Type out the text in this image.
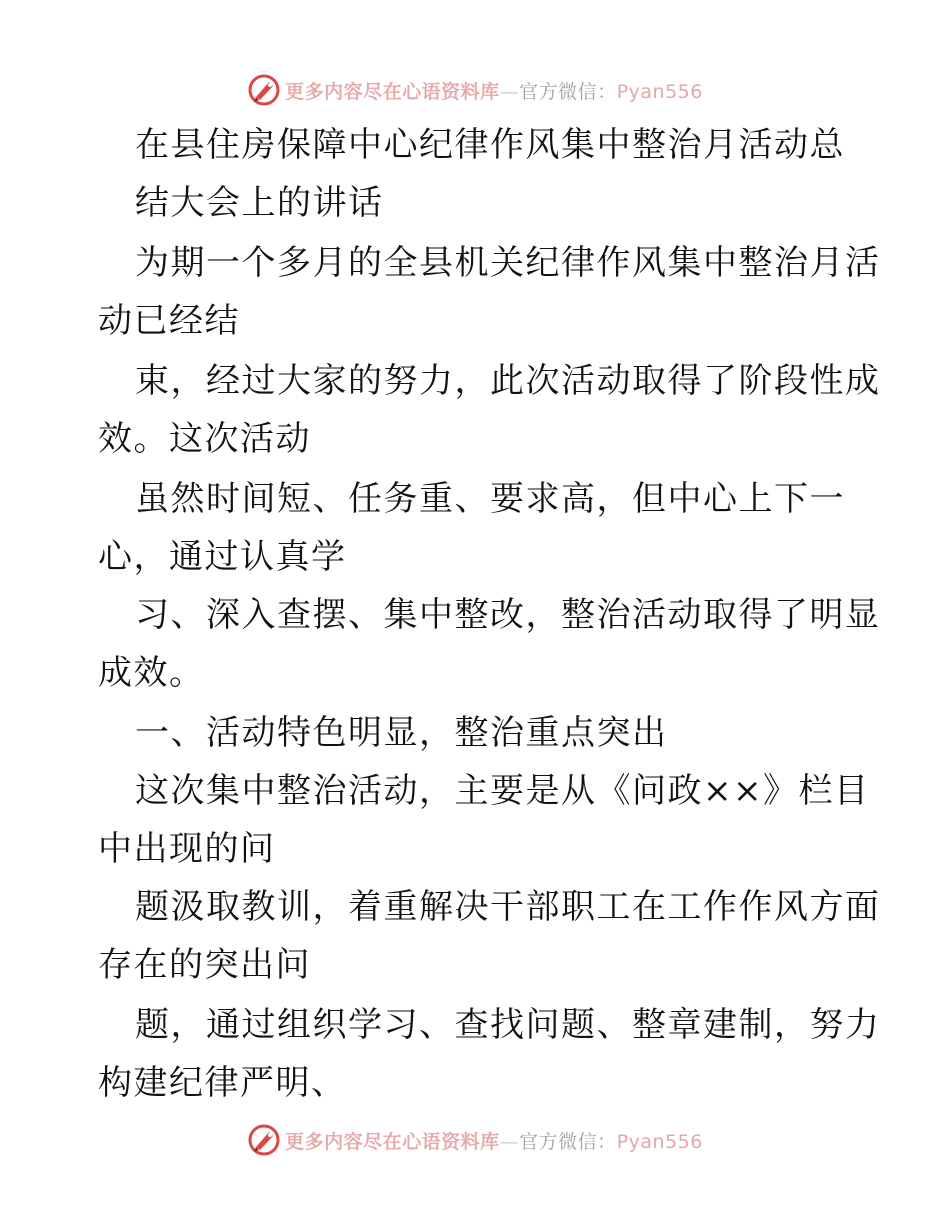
更多内容尽在心语资料库—官方微信：Pyan556
在县住房保障中心纪律作风集中整治月活动总
结大会上的讲话
为期一个多月的全县机关纪律作风集中整治月活
动已经结
束，经过大家的努力，此次活动取得了阶段性成
效。这次活动
虽然时间短、任务重、要求高，但中心上下一
心，通过认真学
习、深入查摆、集中整改，整治活动取得了明显
成效。
一、活动特色明显，整治重点突出
这次集中整治活动，主要是从《问政××》栏目
中出现的问
题汲取教训，着重解决干部职工在工作作风方面
存在的突出问
题，通过组织学习、查找问题、整章建制，努力
构建纪律严明、
更多内容尽在心语资料库—官方微信：Pyan556
